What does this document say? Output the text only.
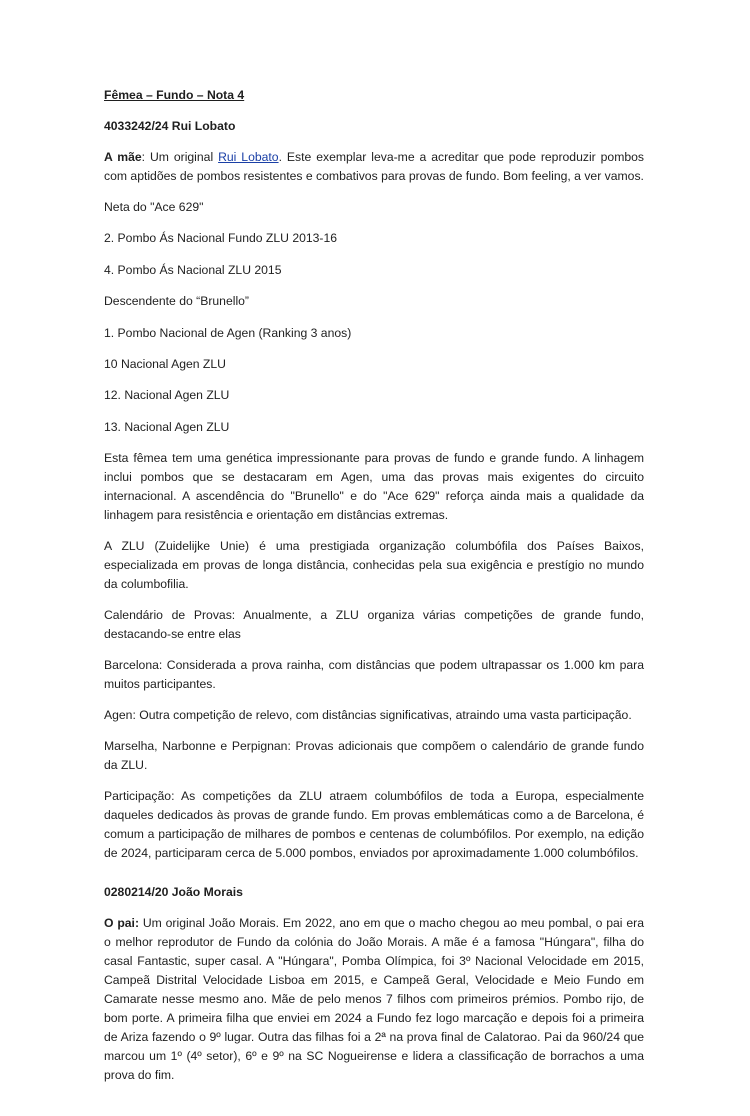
Fêmea – Fundo – Nota 4

4033242/24 Rui Lobato

A mãe: Um original Rui Lobato. Este exemplar leva-me a acreditar que pode reproduzir pombos com aptidões de pombos resistentes e combativos para provas de fundo. Bom feeling, a ver vamos.

Neta do "Ace 629"

2. Pombo Ás Nacional Fundo ZLU 2013-16

4. Pombo Ás Nacional ZLU 2015

Descendente do “Brunello”

1. Pombo Nacional de Agen (Ranking 3 anos)

10 Nacional Agen ZLU

12. Nacional Agen ZLU

13. Nacional Agen ZLU

Esta fêmea tem uma genética impressionante para provas de fundo e grande fundo. A linhagem inclui pombos que se destacaram em Agen, uma das provas mais exigentes do circuito internacional. A ascendência do "Brunello" e do "Ace 629" reforça ainda mais a qualidade da linhagem para resistência e orientação em distâncias extremas.

A ZLU (Zuidelijke Unie) é uma prestigiada organização columbófila dos Países Baixos, especializada em provas de longa distância, conhecidas pela sua exigência e prestígio no mundo da columbofilia.

Calendário de Provas: Anualmente, a ZLU organiza várias competições de grande fundo, destacando-se entre elas

Barcelona: Considerada a prova rainha, com distâncias que podem ultrapassar os 1.000 km para muitos participantes.

Agen: Outra competição de relevo, com distâncias significativas, atraindo uma vasta participação.

Marselha, Narbonne e Perpignan: Provas adicionais que compõem o calendário de grande fundo da ZLU.

Participação: As competições da ZLU atraem columbófilos de toda a Europa, especialmente daqueles dedicados às provas de grande fundo. Em provas emblemáticas como a de Barcelona, é comum a participação de milhares de pombos e centenas de columbófilos. Por exemplo, na edição de 2024, participaram cerca de 5.000 pombos, enviados por aproximadamente 1.000 columbófilos.

0280214/20 João Morais

O pai: Um original João Morais. Em 2022, ano em que o macho chegou ao meu pombal, o pai era o melhor reprodutor de Fundo da colónia do João Morais. A mãe é a famosa "Húngara", filha do casal Fantastic, super casal. A "Húngara", Pomba Olímpica, foi 3º Nacional Velocidade em 2015, Campeã Distrital Velocidade Lisboa em 2015, e Campeã Geral, Velocidade e Meio Fundo em Camarate nesse mesmo ano. Mãe de pelo menos 7 filhos com primeiros prémios. Pombo rijo, de bom porte. A primeira filha que enviei em 2024 a Fundo fez logo marcação e depois foi a primeira de Ariza fazendo o 9º lugar. Outra das filhas foi a 2ª na prova final de Calatorao. Pai da 960/24 que marcou um 1º (4º setor), 6º e 9º na SC Nogueirense e lidera a classificação de borrachos a uma prova do fim.
